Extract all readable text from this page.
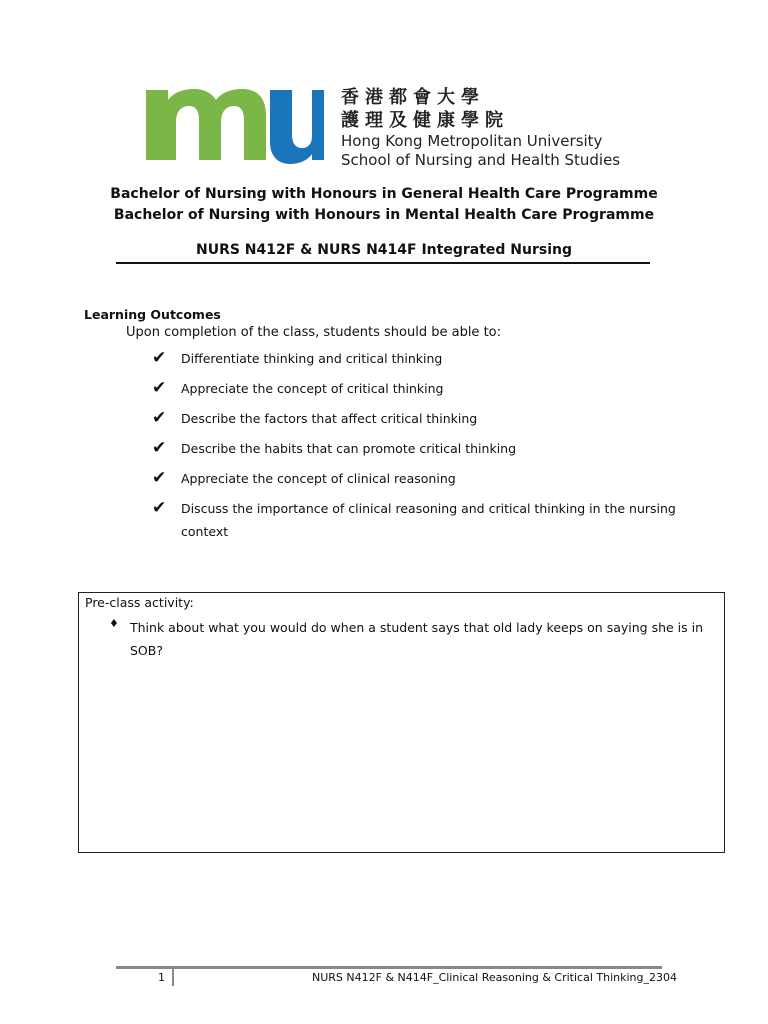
香港都會大學
護理及健康學院
Hong Kong Metropolitan University
School of Nursing and Health Studies
Bachelor of Nursing with Honours in General Health Care Programme
Bachelor of Nursing with Honours in Mental Health Care Programme
NURS N412F & NURS N414F Integrated Nursing
Learning Outcomes
Upon completion of the class, students should be able to:
✔	Differentiate thinking and critical thinking
✔	Appreciate the concept of critical thinking
✔	Describe the factors that affect critical thinking
✔	Describe the habits that can promote critical thinking
✔	Appreciate the concept of clinical reasoning
✔	Discuss the importance of clinical reasoning and critical thinking in the nursing context
Pre-class activity:
♦ Think about what you would do when a student says that old lady keeps on saying she is in SOB?
1	NURS N412F & N414F_Clinical Reasoning & Critical Thinking_2304
